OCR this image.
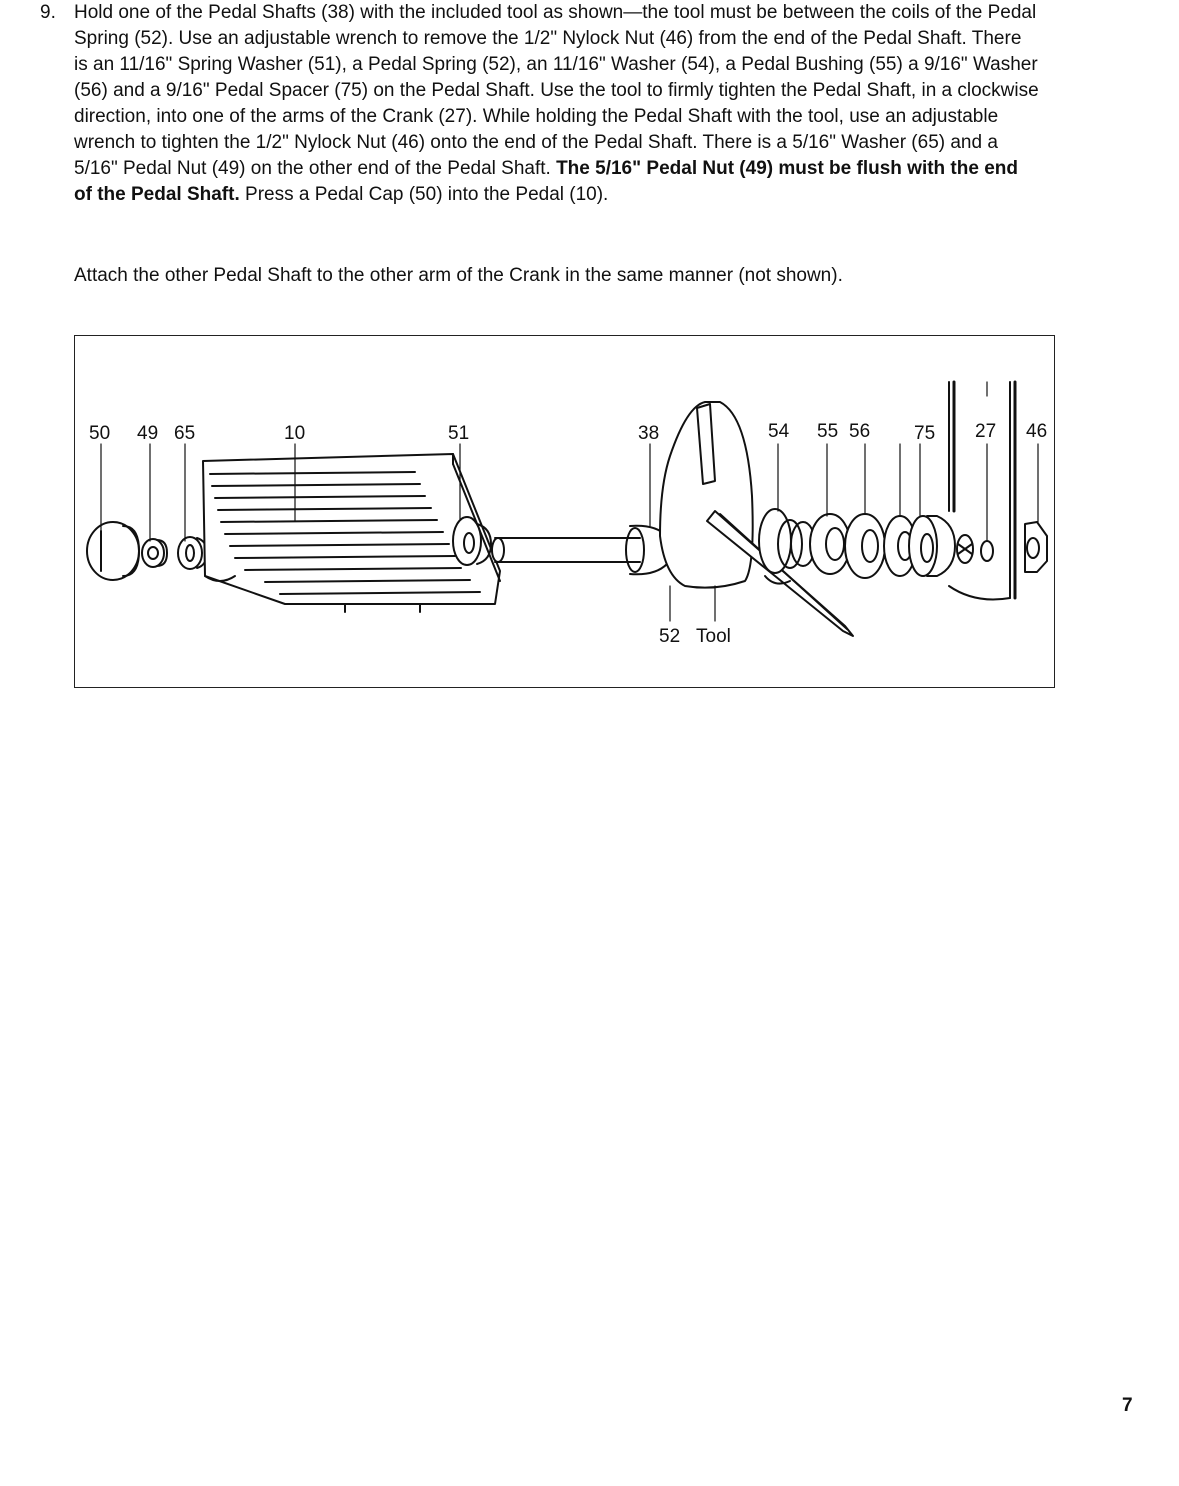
9. Hold one of the Pedal Shafts (38) with the included tool as shown—the tool must be between the coils of the Pedal Spring (52). Use an adjustable wrench to remove the 1/2" Nylock Nut (46) from the end of the Pedal Shaft. There is an 11/16" Spring Washer (51), a Pedal Spring (52), an 11/16" Washer (54), a Pedal Bushing (55) a 9/16" Washer (56) and a 9/16" Pedal Spacer (75) on the Pedal Shaft. Use the tool to firmly tighten the Pedal Shaft, in a clockwise direction, into one of the arms of the Crank (27). While holding the Pedal Shaft with the tool, use an adjustable wrench to tighten the 1/2" Nylock Nut (46) onto the end of the Pedal Shaft. There is a 5/16" Washer (65) and a 5/16" Pedal Nut (49) on the other end of the Pedal Shaft. The 5/16" Pedal Nut (49) must be flush with the end of the Pedal Shaft. Press a Pedal Cap (50) into the Pedal (10).
Attach the other Pedal Shaft to the other arm of the Crank in the same manner (not shown).
50 49 65	10	51	38	54 55 56 75 27 46
52 Tool
7
